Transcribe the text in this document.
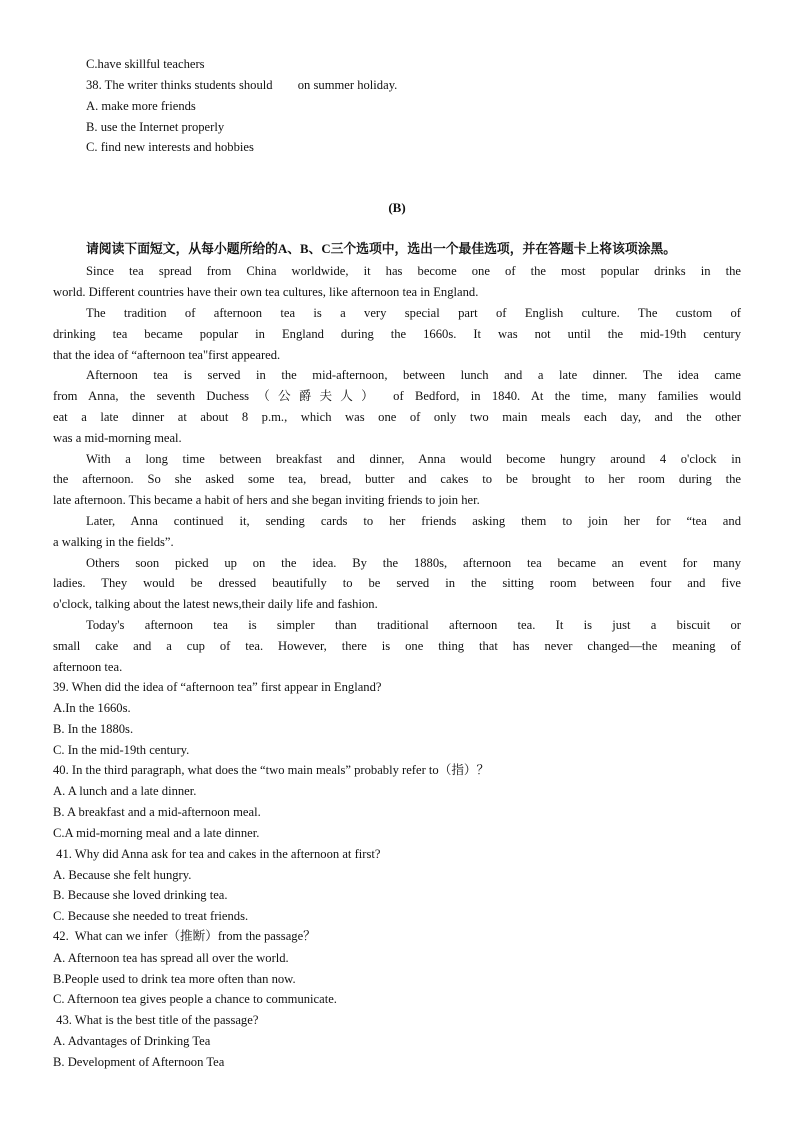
C.have skillful teachers
38. The writer thinks students should        on summer holiday.
A. make more friends
B. use the Internet properly
C. find new interests and hobbies
(B)
请阅读下面短文，从每小题所给的A、B、C三个选项中，选出一个最佳选项，并在答题卡上将该项涂黑。
Since tea spread from China worldwide, it has become one of the most popular drinks in the
world. Different countries have their own tea cultures, like afternoon tea in England.
The tradition of afternoon tea is a very special part of English culture. The custom of
drinking tea became popular in England during the 1660s. It was not until the mid-19th century
that the idea of “afternoon tea"first appeared.
Afternoon tea is served in the mid-afternoon, between lunch and a late dinner. The idea came
from Anna, the seventh Duchess（公爵夫人） of Bedford, in 1840. At the time, many families would
eat a late dinner at about 8 p.m., which was one of only two main meals each day, and the other
was a mid-morning meal.
With a long time between breakfast and dinner, Anna would become hungry around 4 o'clock in
the afternoon. So she asked some tea, bread, butter and cakes to be brought to her room during the
late afternoon. This became a habit of hers and she began inviting friends to join her.
Later, Anna continued it, sending cards to her friends asking them to join her for “tea and
a walking in the fields”.
Others soon picked up on the idea. By the 1880s, afternoon tea became an event for many
ladies. They would be dressed beautifully to be served in the sitting room between four and five
o'clock, talking about the latest news,their daily life and fashion.
Today's afternoon tea is simpler than traditional afternoon tea. It is just a biscuit or
small cake and a cup of tea. However, there is one thing that has never changed—the meaning of
afternoon tea.
39. When did the idea of “afternoon tea” first appear in England?
A.In the 1660s.
B. In the 1880s.
C. In the mid-19th century.
40. In the third paragraph, what does the “two main meals” probably refer to（指）？
A. A lunch and a late dinner.
B. A breakfast and a mid-afternoon meal.
C.A mid-morning meal and a late dinner.
41. Why did Anna ask for tea and cakes in the afternoon at first?
A. Because she felt hungry.
B. Because she loved drinking tea.
C. Because she needed to treat friends.
42.  What can we infer（推断）from the passage？
A. Afternoon tea has spread all over the world.
B.People used to drink tea more often than now.
C. Afternoon tea gives people a chance to communicate.
43. What is the best title of the passage?
A. Advantages of Drinking Tea
B. Development of Afternoon Tea
